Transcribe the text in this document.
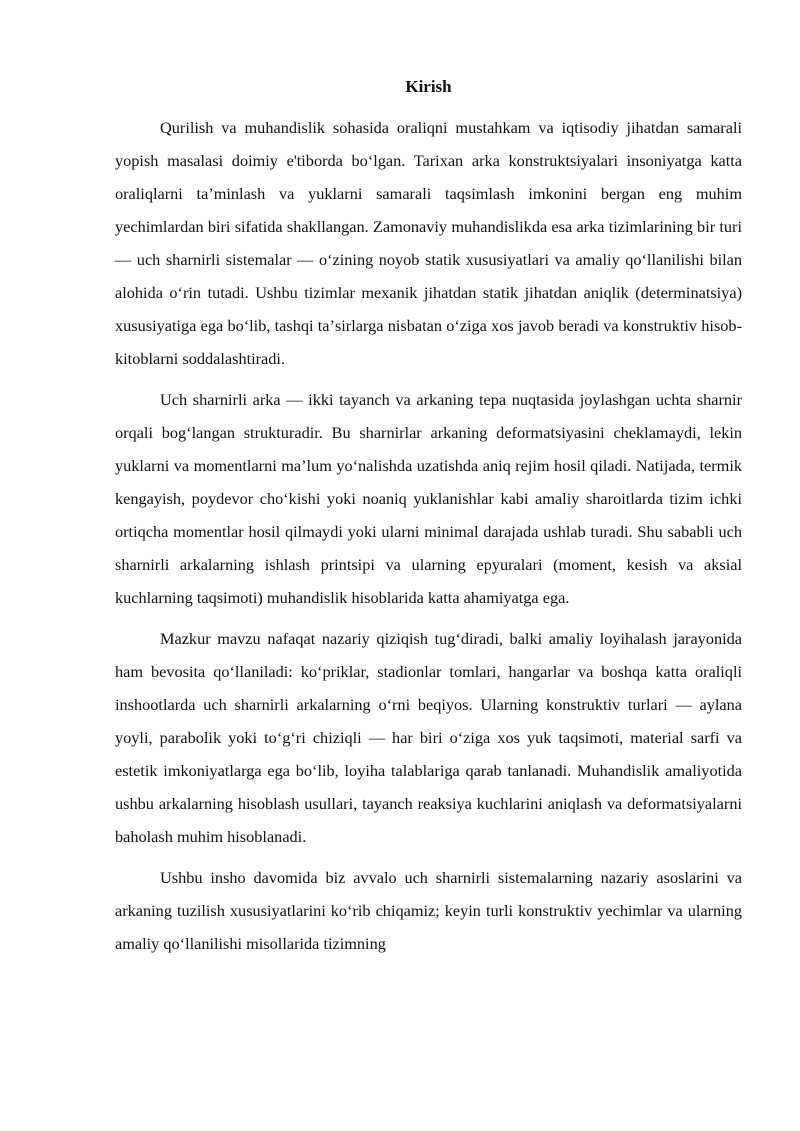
Kirish

Qurilish va muhandislik sohasida oraliqni mustahkam va iqtisodiy jihatdan samarali yopish masalasi doimiy e'tiborda boʻlgan. Tarixan arka konstruktsiyalari insoniyatga katta oraliqlarni taʼminlash va yuklarni samarali taqsimlash imkonini bergan eng muhim yechimlardan biri sifatida shakllangan. Zamonaviy muhandislikda esa arka tizimlarining bir turi — uch sharnirli sistemalar — oʻzining noyob statik xususiyatlari va amaliy qoʻllanilishi bilan alohida oʻrin tutadi. Ushbu tizimlar mexanik jihatdan statik jihatdan aniqlik (determinatsiya) xususiyatiga ega boʻlib, tashqi taʼsirlarga nisbatan oʻziga xos javob beradi va konstruktiv hisob-kitoblarni soddalashtiradi.

Uch sharnirli arka — ikki tayanch va arkaning tepa nuqtasida joylashgan uchta sharnir orqali bogʻlangan strukturadir. Bu sharnirlar arkaning deformatsiyasini cheklamaydi, lekin yuklarni va momentlarni maʼlum yoʻnalishda uzatishda aniq rejim hosil qiladi. Natijada, termik kengayish, poydevor choʻkishi yoki noaniq yuklanishlar kabi amaliy sharoitlarda tizim ichki ortiqcha momentlar hosil qilmaydi yoki ularni minimal darajada ushlab turadi. Shu sababli uch sharnirli arkalarning ishlash printsipi va ularning epyuralari (moment, kesish va aksial kuchlarning taqsimoti) muhandislik hisoblarida katta ahamiyatga ega.

Mazkur mavzu nafaqat nazariy qiziqish tugʻdiradi, balki amaliy loyihalash jarayonida ham bevosita qoʻllaniladi: koʻpriklar, stadionlar tomlari, hangarlar va boshqa katta oraliqli inshootlarda uch sharnirli arkalarning oʻrni beqiyos. Ularning konstruktiv turlari — aylana yoyli, parabolik yoki toʻgʻri chiziqli — har biri oʻziga xos yuk taqsimoti, material sarfi va estetik imkoniyatlarga ega boʻlib, loyiha talablariga qarab tanlanadi. Muhandislik amaliyotida ushbu arkalarning hisoblash usullari, tayanch reaksiya kuchlarini aniqlash va deformatsiyalarni baholash muhim hisoblanadi.

Ushbu insho davomida biz avvalo uch sharnirli sistemalarning nazariy asoslarini va arkaning tuzilish xususiyatlarini koʻrib chiqamiz; keyin turli konstruktiv yechimlar va ularning amaliy qoʻllanilishi misollarida tizimning
